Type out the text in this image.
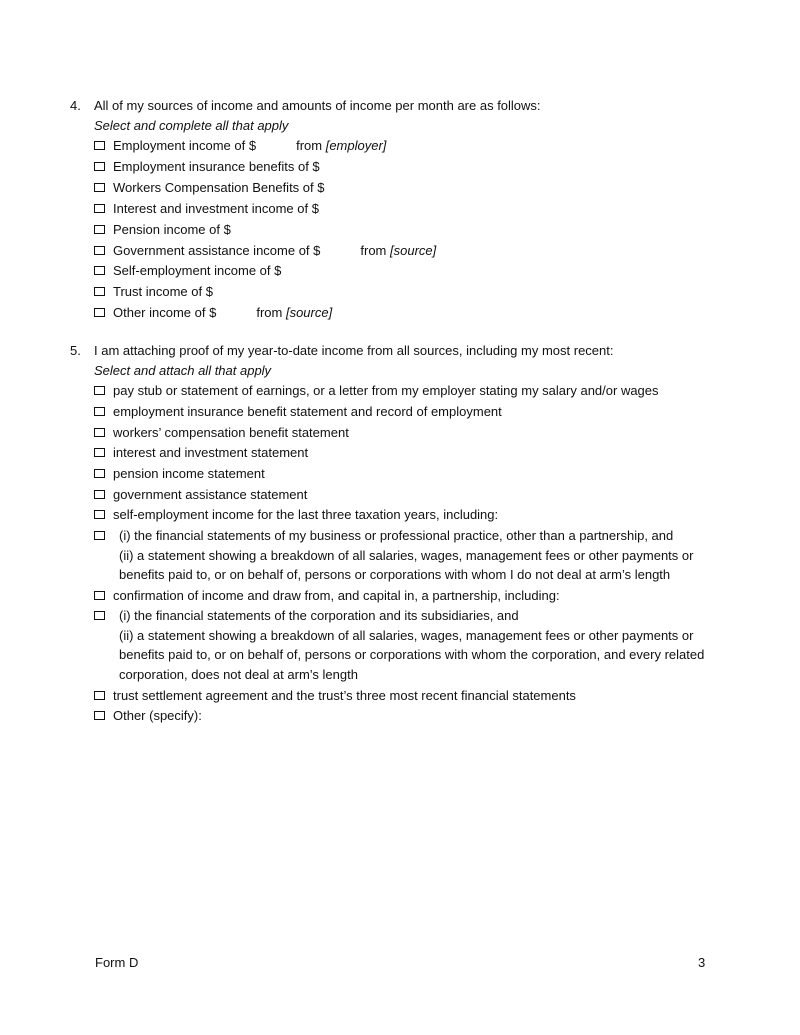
4.	All of my sources of income and amounts of income per month are as follows:
Select and complete all that apply
Employment income of $	from [employer]
Employment insurance benefits of $
Workers Compensation Benefits of $
Interest and investment income of $
Pension income of $
Government assistance income of $	from [source]
Self-employment income of $
Trust income of $
Other income of $	from [source]
5.	I am attaching proof of my year-to-date income from all sources, including my most recent:
Select and attach all that apply
pay stub or statement of earnings, or a letter from my employer stating my salary and/or wages
employment insurance benefit statement and record of employment
workers’ compensation benefit statement
interest and investment statement
pension income statement
government assistance statement
self-employment income for the last three taxation years, including:
(i) the financial statements of my business or professional practice, other than a partnership, and
(ii) a statement showing a breakdown of all salaries, wages, management fees or other payments or
benefits paid to, or on behalf of, persons or corporations with whom I do not deal at arm’s length
confirmation of income and draw from, and capital in, a partnership, including:
(i) the financial statements of the corporation and its subsidiaries, and
(ii) a statement showing a breakdown of all salaries, wages, management fees or other payments or
benefits paid to, or on behalf of, persons or corporations with whom the corporation, and every related
corporation, does not deal at arm’s length
trust settlement agreement and the trust’s three most recent financial statements
Other (specify):
Form D	3
